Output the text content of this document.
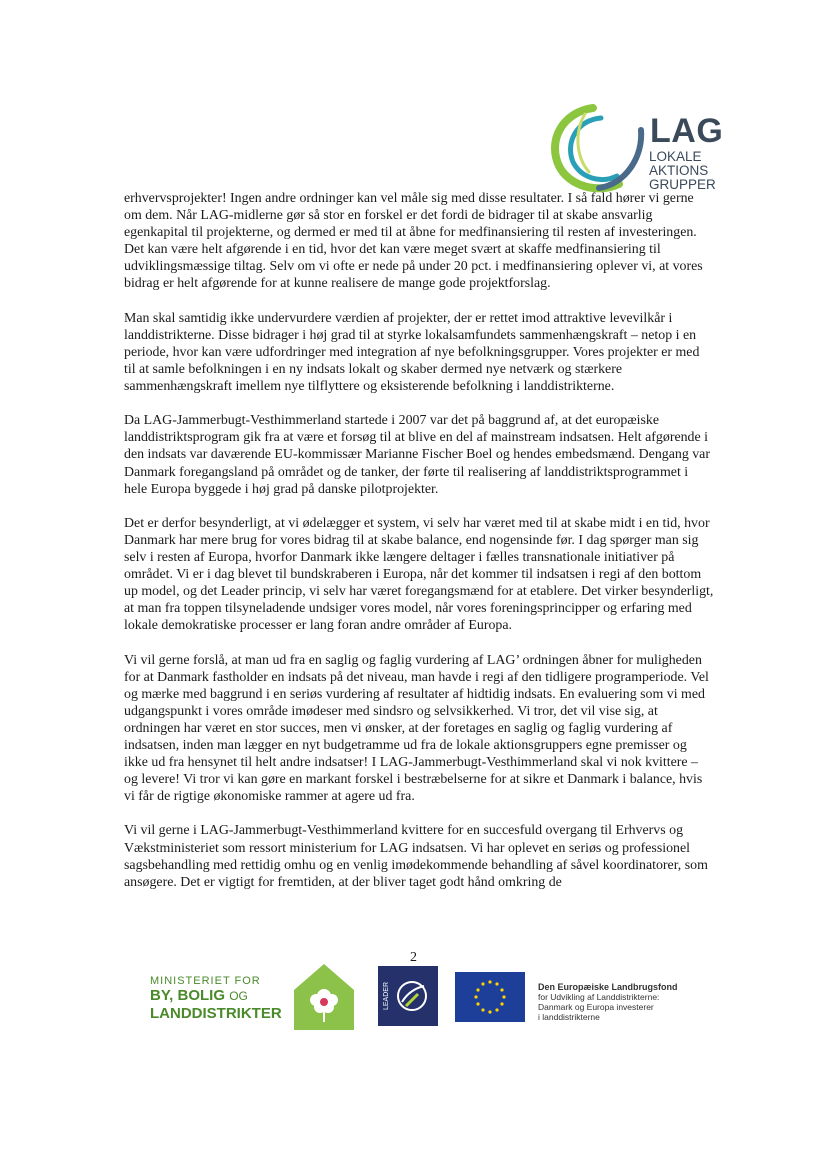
LAG
LOKALE
AKTIONS
GRUPPER

erhvervsprojekter! Ingen andre ordninger kan vel måle sig med disse resultater. I så fald hører vi gerne om dem. Når LAG-midlerne gør så stor en forskel er det fordi de bidrager til at skabe ansvarlig egenkapital til projekterne, og dermed er med til at åbne for medfinansiering til resten af investeringen. Det kan være helt afgørende i en tid, hvor det kan være meget svært at skaffe medfinansiering til udviklingsmæssige tiltag. Selv om vi ofte er nede på under 20 pct. i medfinansiering oplever vi, at vores bidrag er helt afgørende for at kunne realisere de mange gode projektforslag.

Man skal samtidig ikke undervurdere værdien af projekter, der er rettet imod attraktive levevilkår i landdistrikterne. Disse bidrager i høj grad til at styrke lokalsamfundets sammenhængskraft – netop i en periode, hvor kan være udfordringer med integration af nye befolkningsgrupper. Vores projekter er med til at samle befolkningen i en ny indsats lokalt og skaber dermed nye netværk og stærkere sammenhængskraft imellem nye tilflyttere og eksisterende befolkning i landdistrikterne.

Da LAG-Jammerbugt-Vesthimmerland startede i 2007 var det på baggrund af, at det europæiske landdistriktsprogram gik fra at være et forsøg til at blive en del af mainstream indsatsen. Helt afgørende i den indsats var daværende EU-kommissær Marianne Fischer Boel og hendes embedsmænd. Dengang var Danmark foregangsland på området og de tanker, der førte til realisering af landdistriktsprogrammet i hele Europa byggede i høj grad på danske pilotprojekter.

Det er derfor besynderligt, at vi ødelægger et system, vi selv har været med til at skabe midt i en tid, hvor Danmark har mere brug for vores bidrag til at skabe balance, end nogensinde før. I dag spørger man sig selv i resten af Europa, hvorfor Danmark ikke længere deltager i fælles transnationale initiativer på området. Vi er i dag blevet til bundskraberen i Europa, når det kommer til indsatsen i regi af den bottom up model, og det Leader princip, vi selv har været foregangsmænd for at etablere. Det virker besynderligt, at man fra toppen tilsyneladende undsiger vores model, når vores foreningsprincipper og erfaring med lokale demokratiske processer er lang foran andre områder af Europa.

Vi vil gerne forslå, at man ud fra en saglig og faglig vurdering af LAG’ ordningen åbner for muligheden for at Danmark fastholder en indsats på det niveau, man havde i regi af den tidligere programperiode. Vel og mærke med baggrund i en seriøs vurdering af resultater af hidtidig indsats. En evaluering som vi med udgangspunkt i vores område imødeser med sindsro og selvsikkerhed. Vi tror, det vil vise sig, at ordningen har været en stor succes, men vi ønsker, at der foretages en saglig og faglig vurdering af indsatsen, inden man lægger en nyt budgetramme ud fra de lokale aktionsgruppers egne premisser og ikke ud fra hensynet til helt andre indsatser! I LAG-Jammerbugt-Vesthimmerland skal vi nok kvittere – og levere! Vi tror vi kan gøre en markant forskel i bestræbelserne for at sikre et Danmark i balance, hvis vi får de rigtige økonomiske rammer at agere ud fra.

Vi vil gerne i LAG-Jammerbugt-Vesthimmerland kvittere for en succesfuld overgang til Erhvervs og Vækstministeriet som ressort ministerium for LAG indsatsen. Vi har oplevet en seriøs og professionel sagsbehandling med rettidig omhu og en venlig imødekommende behandling af såvel koordinatorer, som ansøgere. Det er vigtigt for fremtiden, at der bliver taget godt hånd omkring de

2
MINISTERIET FOR
BY, BOLIG OG
LANDDISTRIKTER
LEADER	Den Europæiske Landbrugsfond
for Udvikling af Landdistrikterne:
Danmark og Europa investerer
i landdistrikterne
